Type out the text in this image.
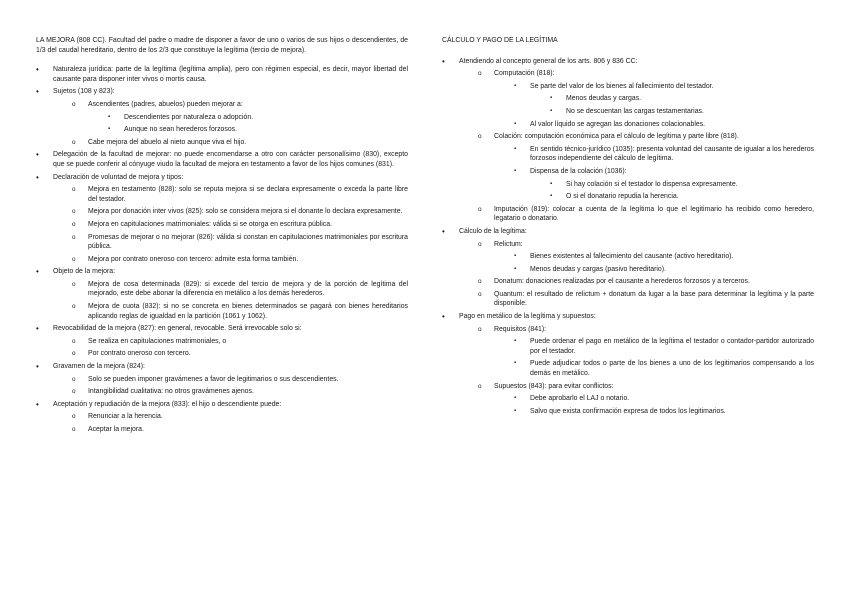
LA MEJORA (808 CC). Facultad del padre o madre de disponer a favor de uno o varios de sus hijos o descendientes, de 1/3 del caudal hereditario, dentro de los 2/3 que constituye la legítima (tercio de mejora).

• Naturaleza jurídica: parte de la legítima (legítima amplia), pero con régimen especial, es decir, mayor libertad del causante para disponer inter vivos o mortis causa.
• Sujetos (108 y 823):
o Ascendientes (padres, abuelos) pueden mejorar a:
▪ Descendientes por naturaleza o adopción.
▪ Aunque no sean herederos forzosos.
o Cabe mejora del abuelo al nieto aunque viva el hijo.
• Delegación de la facultad de mejorar: no puede encomendarse a otro con carácter personalísimo (830), excepto que se puede conferir al cónyuge viudo la facultad de mejora en testamento a favor de los hijos comunes (831).
• Declaración de voluntad de mejora y tipos:
o Mejora en testamento (828): solo se reputa mejora si se declara expresamente o exceda la parte libre del testador.
o Mejora por donación inter vivos (825): solo se considera mejora si el donante lo declara expresamente.
o Mejora en capitulaciones matrimoniales: válida si se otorga en escritura pública.
o Promesas de mejorar o no mejorar (826): válida si constan en capitulaciones matrimoniales por escritura pública.
o Mejora por contrato oneroso con tercero: admite esta forma también.
• Objeto de la mejora:
o Mejora de cosa determinada (829): si excede del tercio de mejora y de la porción de legítima del mejorado, este debe abonar la diferencia en metálico a los demás herederos.
o Mejora de cuota (832): si no se concreta en bienes determinados se pagará con bienes hereditarios aplicando reglas de igualdad en la partición (1061 y 1062).
• Revocabilidad de la mejora (827): en general, revocable. Será irrevocable solo si:
o Se realiza en capitulaciones matrimoniales, o
o Por contrato oneroso con tercero.
• Gravamen de la mejora (824):
o Solo se pueden imponer gravámenes a favor de legitimarios o sus descendientes.
o Intangibilidad cualitativa: no otros gravámenes ajenos.
• Aceptación y repudiación de la mejora (833): el hijo o descendiente puede:
o Renunciar a la herencia.
o Aceptar la mejora.

CÁLCULO Y PAGO DE LA LEGÍTIMA

• Atendiendo al concepto general de los arts. 806 y 836 CC:
o Computación (818):
▪ Se parte del valor de los bienes al fallecimiento del testador.
▪ Menos deudas y cargas.
▪ No se descuentan las cargas testamentarias.
▪ Al valor líquido se agregan las donaciones colacionables.
o Colación: computación económica para el cálculo de legítima y parte libre (818).
▪ En sentido técnico-jurídico (1035): presenta voluntad del causante de igualar a los herederos forzosos independiente del cálculo de legítima.
▪ Dispensa de la colación (1036):
▪ Si hay colación si el testador lo dispensa expresamente.
▪ O si el donatario repudia la herencia.
o Imputación (819): colocar a cuenta de la legítima lo que el legitimario ha recibido como heredero, legatario o donatario.
• Cálculo de la legítima:
o Relictum:
▪ Bienes existentes al fallecimiento del causante (activo hereditario).
▪ Menos deudas y cargas (pasivo hereditario).
o Donatum: donaciones realizadas por el causante a herederos forzosos y a terceros.
o Quantum: el resultado de relictum + donatum da lugar a la base para determinar la legítima y la parte disponible.
• Pago en metálico de la legítima y supuestos:
o Requisitos (841):
▪ Puede ordenar el pago en metálico de la legítima el testador o contador-partidor autorizado por el testador.
▪ Puede adjudicar todos o parte de los bienes a uno de los legitimarios compensando a los demás en metálico.
o Supuestos (843): para evitar conflictos:
▪ Debe aprobarlo el LAJ o notario.
▪ Salvo que exista confirmación expresa de todos los legitimarios.
